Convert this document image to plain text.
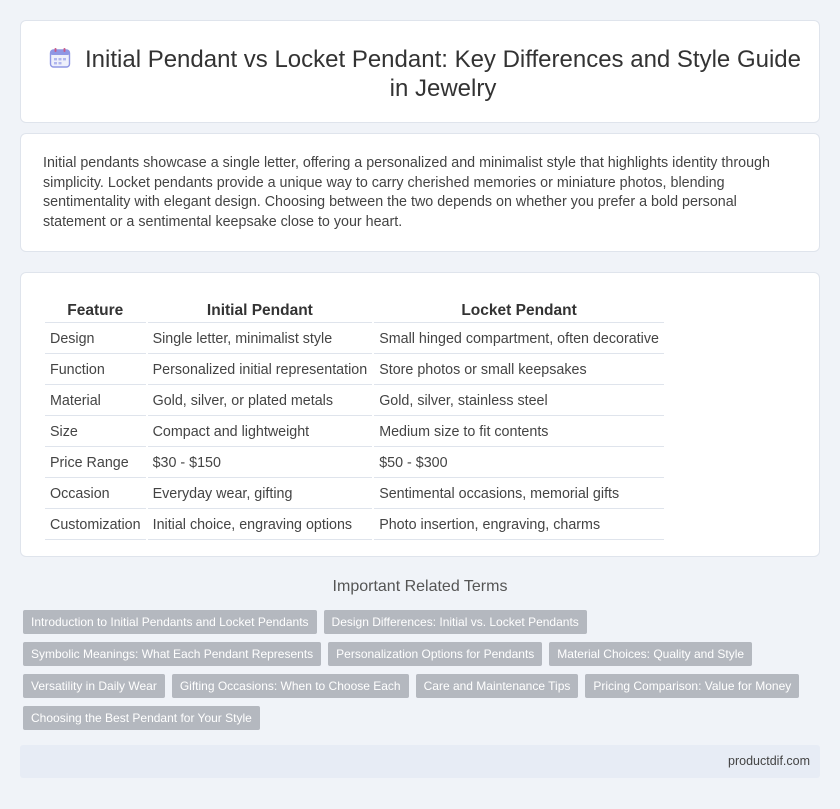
Initial Pendant vs Locket Pendant: Key Differences and Style Guide in Jewelry

Initial pendants showcase a single letter, offering a personalized and minimalist style that highlights identity through simplicity. Locket pendants provide a unique way to carry cherished memories or miniature photos, blending sentimentality with elegant design. Choosing between the two depends on whether you prefer a bold personal statement or a sentimental keepsake close to your heart.

Feature	Initial Pendant	Locket Pendant
Design	Single letter, minimalist style	Small hinged compartment, often decorative
Function	Personalized initial representation	Store photos or small keepsakes
Material	Gold, silver, or plated metals	Gold, silver, stainless steel
Size	Compact and lightweight	Medium size to fit contents
Price Range	$30 - $150	$50 - $300
Occasion	Everyday wear, gifting	Sentimental occasions, memorial gifts
Customization	Initial choice, engraving options	Photo insertion, engraving, charms
Important Related Terms
Introduction to Initial Pendants and Locket Pendants	Design Differences: Initial vs. Locket Pendants
Symbolic Meanings: What Each Pendant Represents	Personalization Options for Pendants	Material Choices: Quality and Style
Versatility in Daily Wear	Gifting Occasions: When to Choose Each	Care and Maintenance Tips	Pricing Comparison: Value for Money
Choosing the Best Pendant for Your Style
productdif.com
